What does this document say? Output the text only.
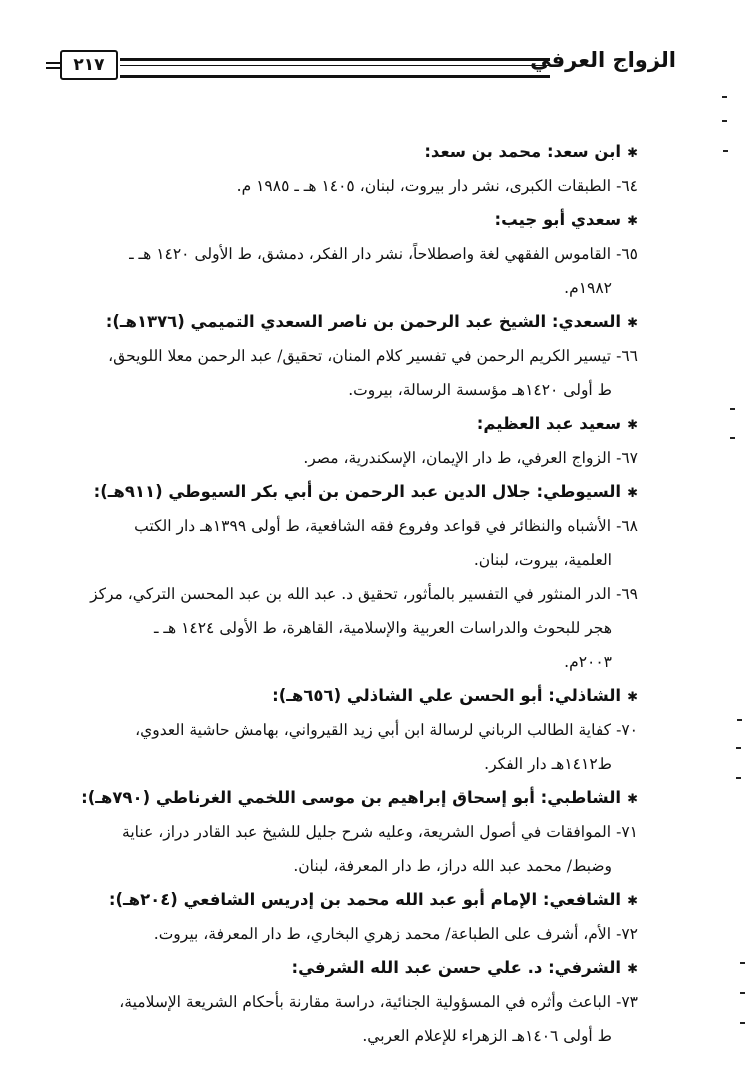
٢١٧	الزواج العرفي
✱ابن سعد: محمد بن سعد:
٦٤- الطبقات الكبرى، نشر دار بيروت، لبنان، ١٤٠٥ هـ ـ ١٩٨٥ م.
✱سعدي أبو جيب:
٦٥- القاموس الفقهي لغة واصطلاحاً، نشر دار الفكر، دمشق، ط الأولى ١٤٢٠ هـ ـ
١٩٨٢م.
✱السعدي: الشيخ عبد الرحمن بن ناصر السعدي التميمي (١٣٧٦هـ):
٦٦- تيسير الكريم الرحمن في تفسير كلام المنان، تحقيق/ عبد الرحمن معلا اللويحق،
ط أولى ١٤٢٠هـ مؤسسة الرسالة، بيروت.
✱سعيد عبد العظيم:
٦٧- الزواج العرفي، ط دار الإيمان، الإسكندرية، مصر.
✱السيوطي: جلال الدين عبد الرحمن بن أبي بكر السيوطي (٩١١هـ):
٦٨- الأشباه والنظائر في قواعد وفروع فقه الشافعية، ط أولى ١٣٩٩هـ دار الكتب
العلمية، بيروت، لبنان.
٦٩- الدر المنثور في التفسير بالمأثور، تحقيق د. عبد الله بن عبد المحسن التركي، مركز
هجر للبحوث والدراسات العربية والإسلامية، القاهرة، ط الأولى ١٤٢٤ هـ ـ
٢٠٠٣م.
✱الشاذلي: أبو الحسن علي الشاذلي (٦٥٦هـ):
٧٠- كفاية الطالب الرباني لرسالة ابن أبي زيد القيرواني، بهامش حاشية العدوي،
ط١٤١٢هـ دار الفكر.
✱الشاطبي: أبو إسحاق إبراهيم بن موسى اللخمي الغرناطي (٧٩٠هـ):
٧١- الموافقات في أصول الشريعة، وعليه شرح جليل للشيخ عبد القادر دراز، عناية
وضبط/ محمد عبد الله دراز، ط دار المعرفة، لبنان.
✱الشافعي: الإمام أبو عبد الله محمد بن إدريس الشافعي (٢٠٤هـ):
٧٢- الأم، أشرف على الطباعة/ محمد زهري البخاري، ط دار المعرفة، بيروت.
✱الشرفي: د. علي حسن عبد الله الشرفي:
٧٣- الباعث وأثره في المسؤولية الجنائية، دراسة مقارنة بأحكام الشريعة الإسلامية،
ط أولى ١٤٠٦هـ الزهراء للإعلام العربي.
